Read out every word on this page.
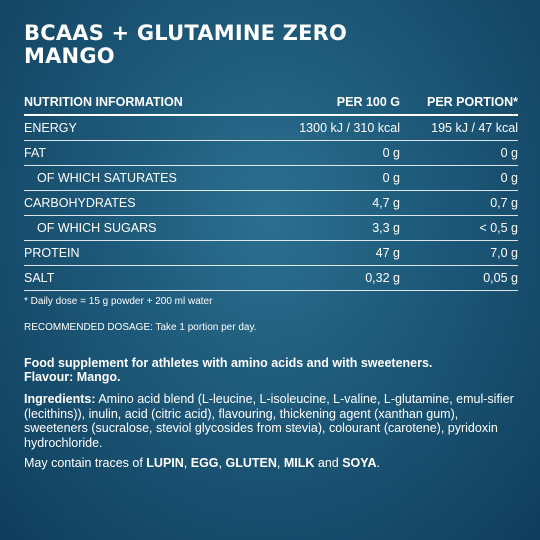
BCAAS + GLUTAMINE ZERO
MANGO
NUTRITION INFORMATION	PER 100 G	PER PORTION*
ENERGY	1300 kJ / 310 kcal	195 kJ / 47 kcal
FAT	0 g	0 g
OF WHICH SATURATES	0 g	0 g
CARBOHYDRATES	4,7 g	0,7 g
OF WHICH SUGARS	3,3 g	< 0,5 g
PROTEIN	47 g	7,0 g
SALT	0,32 g	0,05 g
* Daily dose = 15 g powder + 200 ml water
RECOMMENDED DOSAGE: Take 1 portion per day.
Food supplement for athletes with amino acids and with sweeteners.
Flavour: Mango.
Ingredients: Amino acid blend (L-leucine, L-isoleucine, L-valine, L-glutamine, emul-sifier (lecithins)), inulin, acid (citric acid), flavouring, thickening agent (xanthan gum), sweeteners (sucralose, steviol glycosides from stevia), colourant (carotene), pyridoxin hydrochloride.
May contain traces of LUPIN, EGG, GLUTEN, MILK and SOYA.
